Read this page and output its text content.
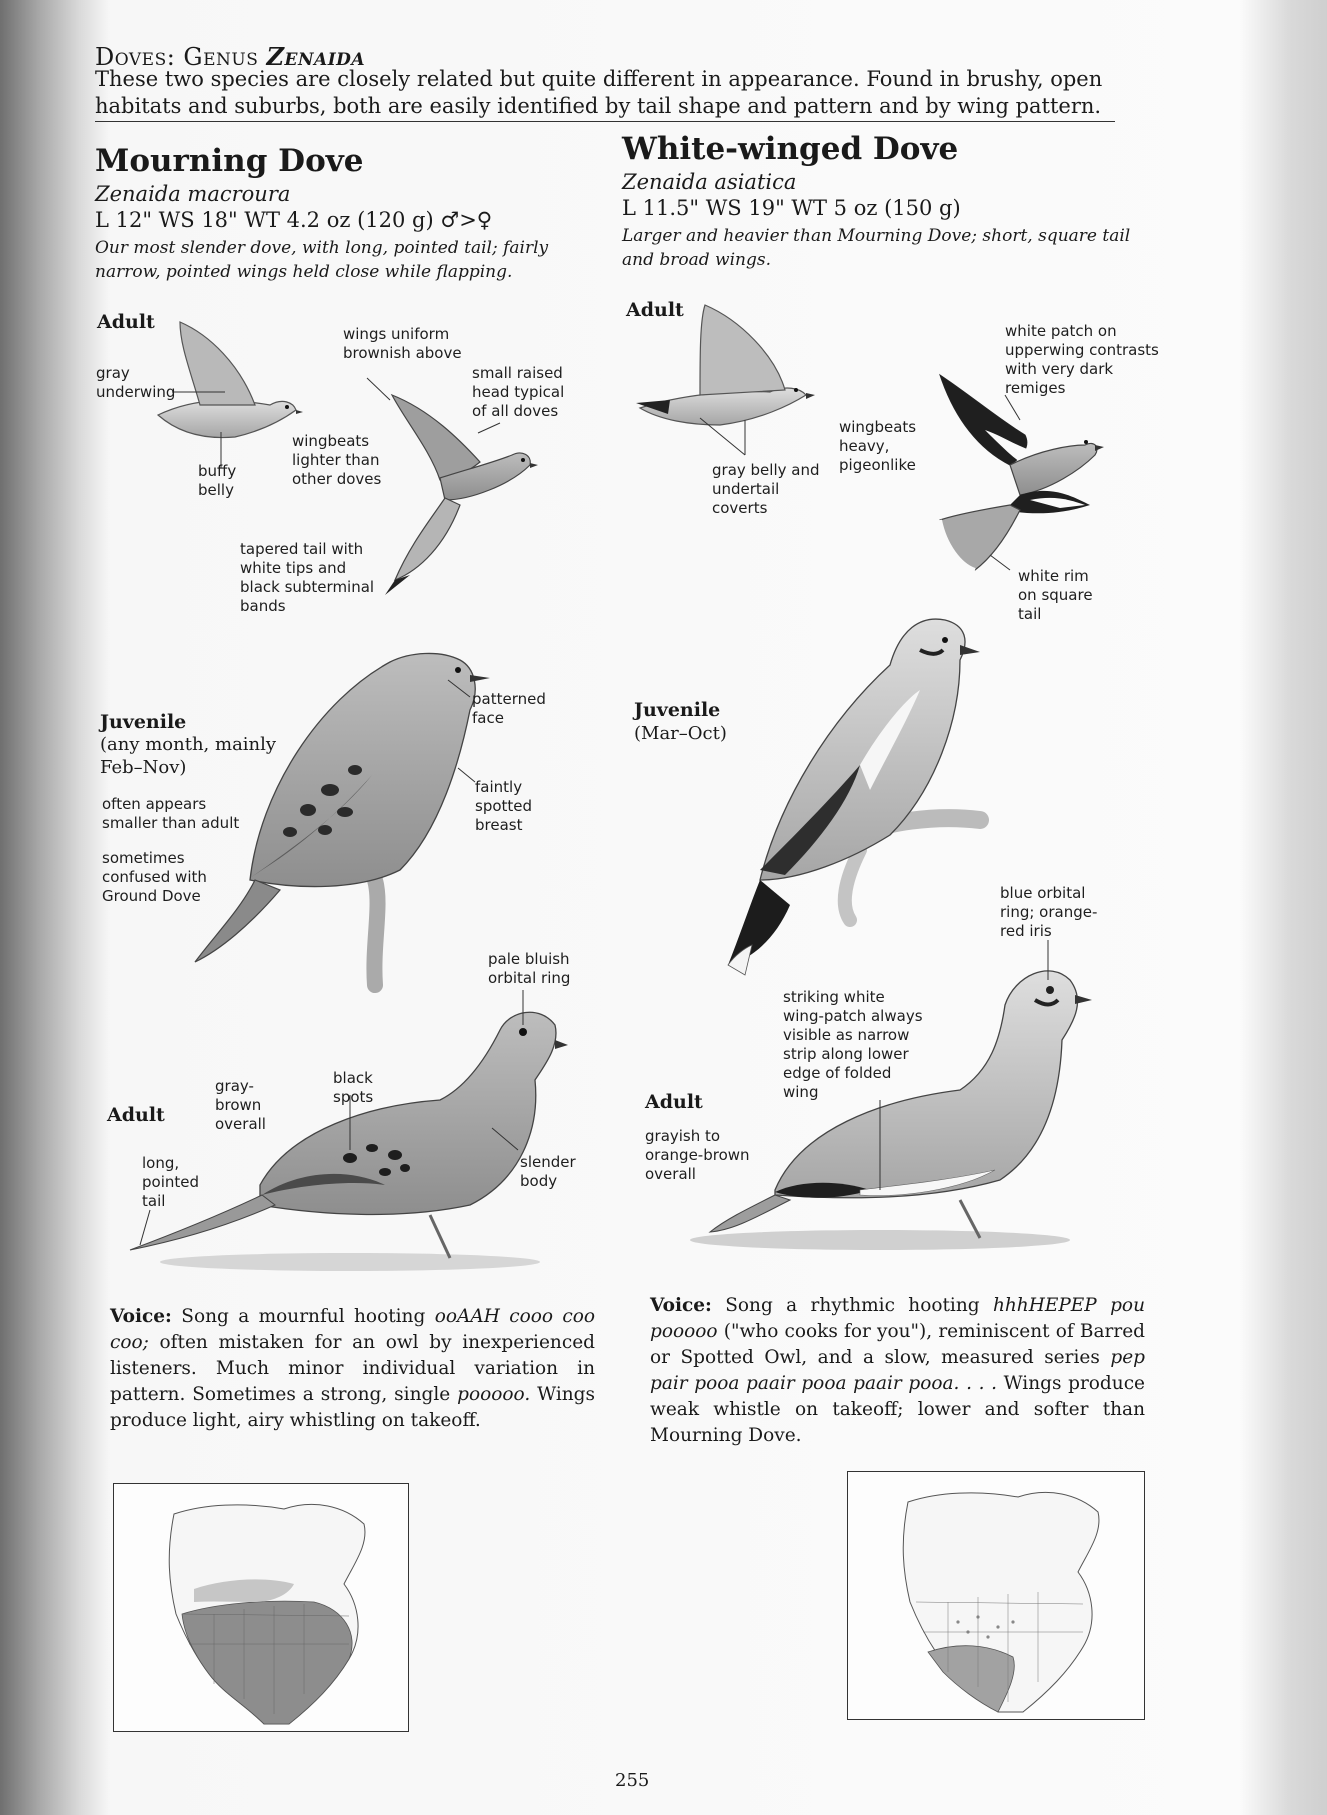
Doves: Genus Zenaida
These two species are closely related but quite different in appearance. Found in brushy, open habitats and suburbs, both are easily identified by tail shape and pattern and by wing pattern.
Mourning Dove
Zenaida macroura
L 12" WS 18" WT 4.2 oz (120 g) ♂>♀
Our most slender dove, with long, pointed tail; fairly narrow, pointed wings held close while flapping.
White-winged Dove
Zenaida asiatica
L 11.5" WS 19" WT 5 oz (150 g)
Larger and heavier than Mourning Dove; short, square tail and broad wings.
Adult
gray underwing
buffy belly
wings uniform brownish above
small raised head typical of all doves
wingbeats lighter than other doves
tapered tail with white tips and black subterminal bands
Juvenile
(any month, mainly Feb–Nov)
often appears smaller than adult
sometimes confused with Ground Dove
patterned face
faintly spotted breast
Adult
pale bluish orbital ring
gray-brown overall
black spots
long, pointed tail
slender body
Adult
gray belly and undertail coverts
white patch on upperwing contrasts with very dark remiges
wingbeats heavy, pigeonlike
white rim on square tail
Juvenile
(Mar–Oct)
Adult
blue orbital ring; orange-red iris
striking white wing-patch always visible as narrow strip along lower edge of folded wing
grayish to orange-brown overall
Voice: Song a mournful hooting ooAAH cooo coo coo; often mistaken for an owl by inexperienced listeners. Much minor individual variation in pattern. Sometimes a strong, single pooooo. Wings produce light, airy whistling on takeoff.
Voice: Song a rhythmic hooting hhhHEPEP pou pooooo ("who cooks for you"), reminiscent of Barred or Spotted Owl, and a slow, measured series pep pair pooa paair pooa paair pooa. . . . Wings produce weak whistle on takeoff; lower and softer than Mourning Dove.
255
